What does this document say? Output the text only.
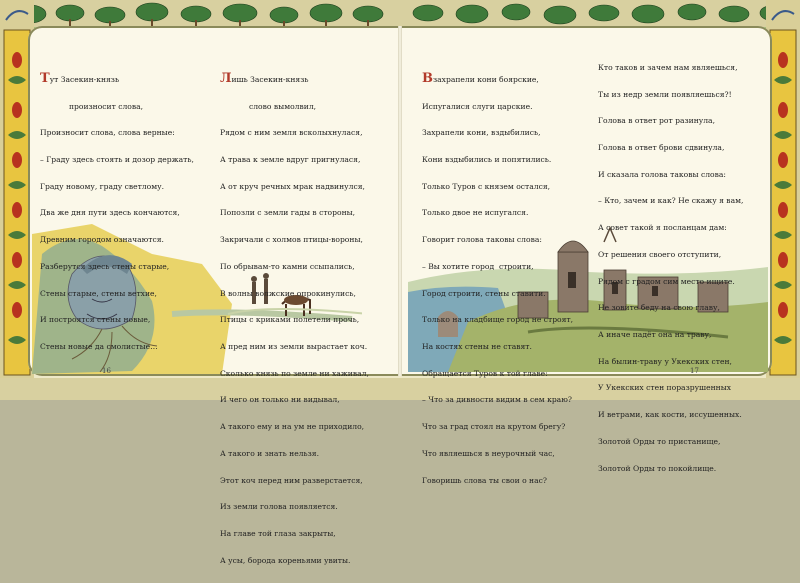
Тут Засекин-князь

произносит слова,

Произносит слова, слова верные:

– Граду здесь стоять и дозор держать,

Граду новому, граду светлому.

Два же дня пути здесь кончаются,

Древним городом означаются.

Разберутся здесь стены старые,

Стены старые, стены ветхие,

И построятся стены новые,

Стены новые да смолистые…

Лишь Засекин-князь

слово вымолвил,

Рядом с ним земля всколыхнулася,

А трава к земле вдруг пригнулася,

А от круч речных мрак надвинулся,

Попозли с земли гады в стороны,

Закричали с холмов птицы-вороны,

По обрывам-то камни ссыпались,

В волны волжские опрокинулись,

Птицы с криками полетели прочь,

А пред ним из земли вырастает коч.

Сколько князь по земле ни хаживал,

И чего он только ни видывал,

А такого ему и на ум не приходило,

А такого и знать нельзя.

Этот коч перед ним разверстается,

Из земли голова появляется.

На главе той глаза закрыты,

А усы, борода кореньями увиты.

16

Взахрапели кони боярские,

Испугалися слуги царские.

Захрапели кони, вздыбились,

Кони вздыбились и попятились.

Только Туров с князем остался,

Только двое не испугался.

Говорит голова таковы слова:

– Вы хотите город  строити,

Город строити, стены ставити.

Только на кладбище город не строят,

На костях стены не ставят.

Обращается Туров к той главе:

– Что за дивности видим в сем краю?

Что за град стоял на крутом брегу?

Что являешься в неурочный час,

Говоришь слова ты свои о нас?

Кто таков и зачем нам являешься,

Ты из недр земли появляешься?!

Голова в ответ рот разинула,

Голова в ответ брови сдвинула,

И сказала голова таковы слова:

– Кто, зачем и как? Не скажу я вам,

А совет такой я посланцам дам:

От решения своего отступити,

Рядом с градом сим место ищите.

Не зовите беду на свою главу,

А иначе падёт она на траву,

На былин-траву у Укекских стен,

У Укекских стен поразрушенных

И ветрами, как кости, иссушенных.

Золотой Орды то пристанище,

Золотой Орды то покойлище.

17
